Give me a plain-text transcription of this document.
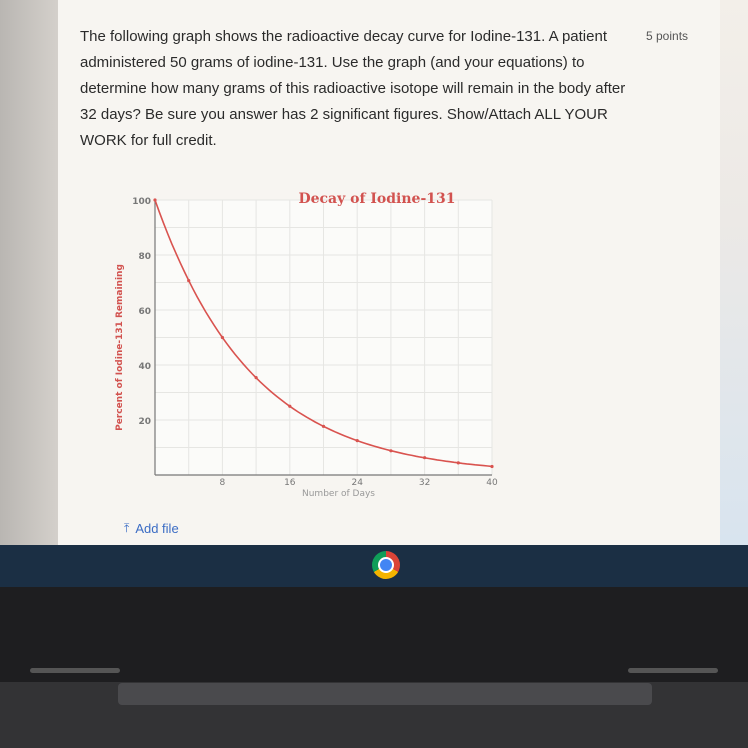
The following graph shows the radioactive decay curve for Iodine-131. A patient administered 50 grams of iodine-131. Use the graph (and your equations) to determine how many grams of this radioactive isotope will remain in the body after 32 days? Be sure you answer has 2 significant figures. Show/Attach ALL YOUR WORK for full credit.
5 points
20
40
60
80
100
8	16	24	32	40
Decay of Iodine-131
Number of Days
Percent of Iodine-131 Remaining
⤒ Add file
